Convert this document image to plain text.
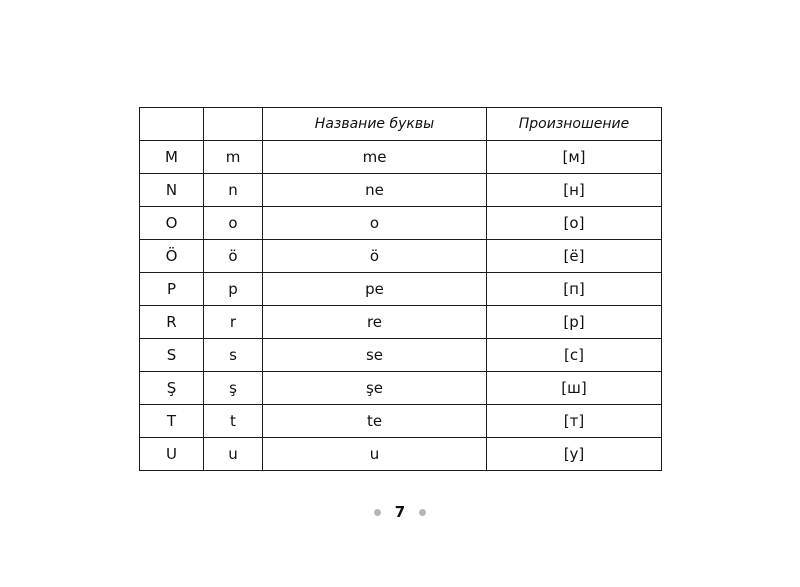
		Название буквы	Произношение
M	m	me	[м]
N	n	ne	[н]
O	o	o	[о]
Ö	ö	ö	[ё]
P	p	pe	[п]
R	r	re	[р]
S	s	se	[с]
Ş	ş	şe	[ш]
T	t	te	[т]
U	u	u	[у]
7
